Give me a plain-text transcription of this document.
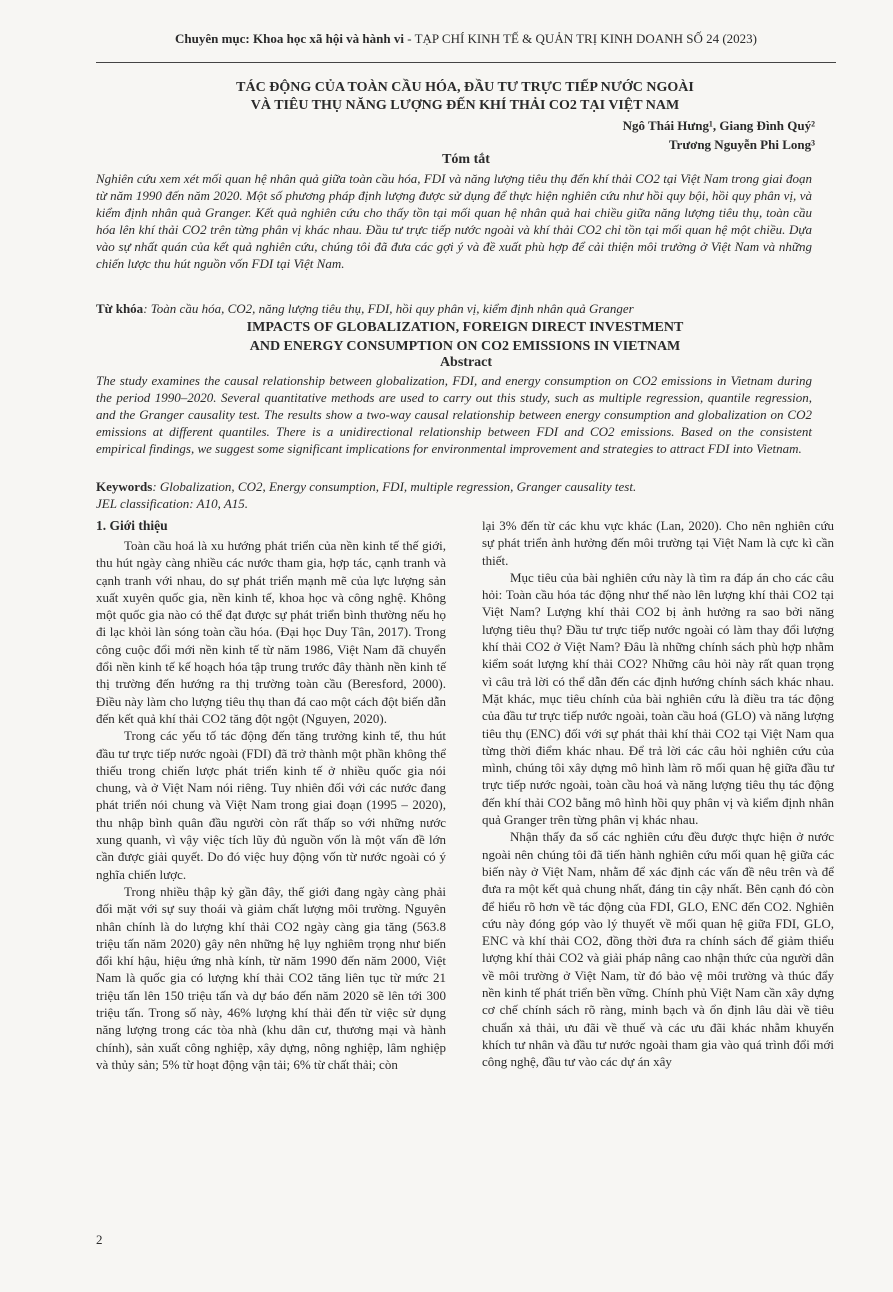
Chuyên mục: Khoa học xã hội và hành vi - TẠP CHÍ KINH TẾ & QUẢN TRỊ KINH DOANH SỐ 24 (2023)
TÁC ĐỘNG CỦA TOÀN CẦU HÓA, ĐẦU TƯ TRỰC TIẾP NƯỚC NGOÀI
VÀ TIÊU THỤ NĂNG LƯỢNG ĐẾN KHÍ THẢI CO2 TẠI VIỆT NAM
Ngô Thái Hưng¹, Giang Đình Quý²
Trương Nguyễn Phi Long³
Tóm tắt

Nghiên cứu xem xét mối quan hệ nhân quả giữa toàn cầu hóa, FDI và năng lượng tiêu thụ đến khí thải CO2 tại Việt Nam trong giai đoạn từ năm 1990 đến năm 2020. Một số phương pháp định lượng được sử dụng để thực hiện nghiên cứu như hồi quy bội, hồi quy phân vị, và kiểm định nhân quả Granger. Kết quả nghiên cứu cho thấy tồn tại mối quan hệ nhân quả hai chiều giữa năng lượng tiêu thụ, toàn cầu hóa lên khí thải CO2 trên từng phân vị khác nhau. Đầu tư trực tiếp nước ngoài và khí thải CO2 chỉ tồn tại mối quan hệ một chiều. Dựa vào sự nhất quán của kết quả nghiên cứu, chúng tôi đã đưa các gợi ý và đề xuất phù hợp để cải thiện môi trường ở Việt Nam và những chiến lược thu hút nguồn vốn FDI tại Việt Nam.

Từ khóa: Toàn cầu hóa, CO2, năng lượng tiêu thụ, FDI, hồi quy phân vị, kiểm định nhân quả Granger

IMPACTS OF GLOBALIZATION, FOREIGN DIRECT INVESTMENT
AND ENERGY CONSUMPTION ON CO2 EMISSIONS IN VIETNAM
Abstract

The study examines the causal relationship between globalization, FDI, and energy consumption on CO2 emissions in Vietnam during the period 1990–2020. Several quantitative methods are used to carry out this study, such as multiple regression, quantile regression, and the Granger causality test. The results show a two-way causal relationship between energy consumption and globalization on CO2 emissions at different quantiles. There is a unidirectional relationship between FDI and CO2 emissions. Based on the consistent empirical findings, we suggest some significant implications for environmental improvement and strategies to attract FDI into Vietnam.

Keywords: Globalization, CO2, Energy consumption, FDI, multiple regression, Granger causality test.

JEL classification: A10, A15.

1. Giới thiệu

Toàn cầu hoá là xu hướng phát triển của nền kinh tế thế giới, thu hút ngày càng nhiều các nước tham gia, hợp tác, cạnh tranh và cạnh tranh với nhau, do sự phát triển mạnh mẽ của lực lượng sản xuất xuyên quốc gia, nền kinh tế, khoa học và công nghệ. Không một quốc gia nào có thể đạt được sự phát triển bình thường nếu họ đi lạc khỏi làn sóng toàn cầu hóa. (Đại học Duy Tân, 2017). Trong công cuộc đổi mới nền kinh tế từ năm 1986, Việt Nam đã chuyển đổi nền kinh tế kế hoạch hóa tập trung trước đây thành nền kinh tế thị trường đến hướng ra thị trường toàn cầu (Beresford, 2000). Điều này làm cho lượng tiêu thụ than đá cao một cách đột biến dẫn đến kết quả khí thải CO2 tăng đột ngột (Nguyen, 2020).

Trong các yếu tố tác động đến tăng trưởng kinh tế, thu hút đầu tư trực tiếp nước ngoài (FDI) đã trở thành một phần không thể thiếu trong chiến lược phát triển kinh tế ở nhiều quốc gia nói chung, và ở Việt Nam nói riêng. Tuy nhiên đối với các nước đang phát triển nói chung và Việt Nam trong giai đoạn (1995 – 2020), thu nhập bình quân đầu người còn rất thấp so với những nước xung quanh, vì vậy việc tích lũy đủ nguồn vốn là một vấn đề lớn cần được giải quyết. Do đó việc huy động vốn từ nước ngoài có ý nghĩa chiến lược.

Trong nhiều thập kỷ gần đây, thế giới đang ngày càng phải đối mặt với sự suy thoái và giảm chất lượng môi trường. Nguyên nhân chính là do lượng khí thải CO2 ngày càng gia tăng (563.8 triệu tấn năm 2020) gây nên những hệ lụy nghiêm trọng như biến đổi khí hậu, hiệu ứng nhà kính, từ năm 1990 đến năm 2000, Việt Nam là quốc gia có lượng khí thải CO2 tăng liên tục từ mức 21 triệu tấn lên 150 triệu tấn và dự báo đến năm 2020 sẽ lên tới 300 triệu tấn. Trong số này, 46% lượng khí thải đến từ việc sử dụng năng lượng trong các tòa nhà (khu dân cư, thương mại và hành chính), sản xuất công nghiệp, xây dựng, nông nghiệp, lâm nghiệp và thủy sản; 5% từ hoạt động vận tải; 6% từ chất thải; còn

lại 3% đến từ các khu vực khác (Lan, 2020). Cho nên nghiên cứu sự phát triển ảnh hưởng đến môi trường tại Việt Nam là cực kì cần thiết.

Mục tiêu của bài nghiên cứu này là tìm ra đáp án cho các câu hỏi: Toàn cầu hóa tác động như thế nào lên lượng khí thải CO2 tại Việt Nam? Lượng khí thải CO2 bị ảnh hưởng ra sao bởi năng lượng tiêu thụ? Đầu tư trực tiếp nước ngoài có làm thay đổi lượng khí thải CO2 ở Việt Nam? Đâu là những chính sách phù hợp nhằm kiểm soát lượng khí thải CO2? Những câu hỏi này rất quan trọng vì câu trả lời có thể dẫn đến các định hướng chính sách khác nhau. Mặt khác, mục tiêu chính của bài nghiên cứu là điều tra tác động của đầu tư trực tiếp nước ngoài, toàn cầu hoá (GLO) và năng lượng tiêu thụ (ENC) đối với sự phát thải khí thải CO2 tại Việt Nam qua từng thời điểm khác nhau. Để trả lời các câu hỏi nghiên cứu của mình, chúng tôi xây dựng mô hình làm rõ mối quan hệ giữa đầu tư trực tiếp nước ngoài, toàn cầu hoá và năng lượng tiêu thụ tác động đến khí thải CO2 bằng mô hình hồi quy phân vị và kiểm định nhân quả Granger trên từng phân vị khác nhau.

Nhận thấy đa số các nghiên cứu đều được thực hiện ở nước ngoài nên chúng tôi đã tiến hành nghiên cứu mối quan hệ giữa các biến này ở Việt Nam, nhằm để xác định các vấn đề nêu trên và để đưa ra một kết quả chung nhất, đáng tin cậy nhất. Bên cạnh đó còn để hiểu rõ hơn về tác động của FDI, GLO, ENC đến CO2. Nghiên cứu này đóng góp vào lý thuyết về mối quan hệ giữa FDI, GLO, ENC và khí thải CO2, đồng thời đưa ra chính sách để giảm thiểu lượng khí thải CO2 và giải pháp nâng cao nhận thức của người dân về môi trường ở Việt Nam, từ đó bảo vệ môi trường và thúc đẩy nền kinh tế phát triển bền vững. Chính phủ Việt Nam cần xây dựng cơ chế chính sách rõ ràng, minh bạch và ổn định lâu dài về tiêu chuẩn xả thải, ưu đãi về thuế và các ưu đãi khác nhằm khuyến khích tư nhân và đầu tư nước ngoài tham gia vào quá trình đổi mới công nghệ, đầu tư vào các dự án xây

2
